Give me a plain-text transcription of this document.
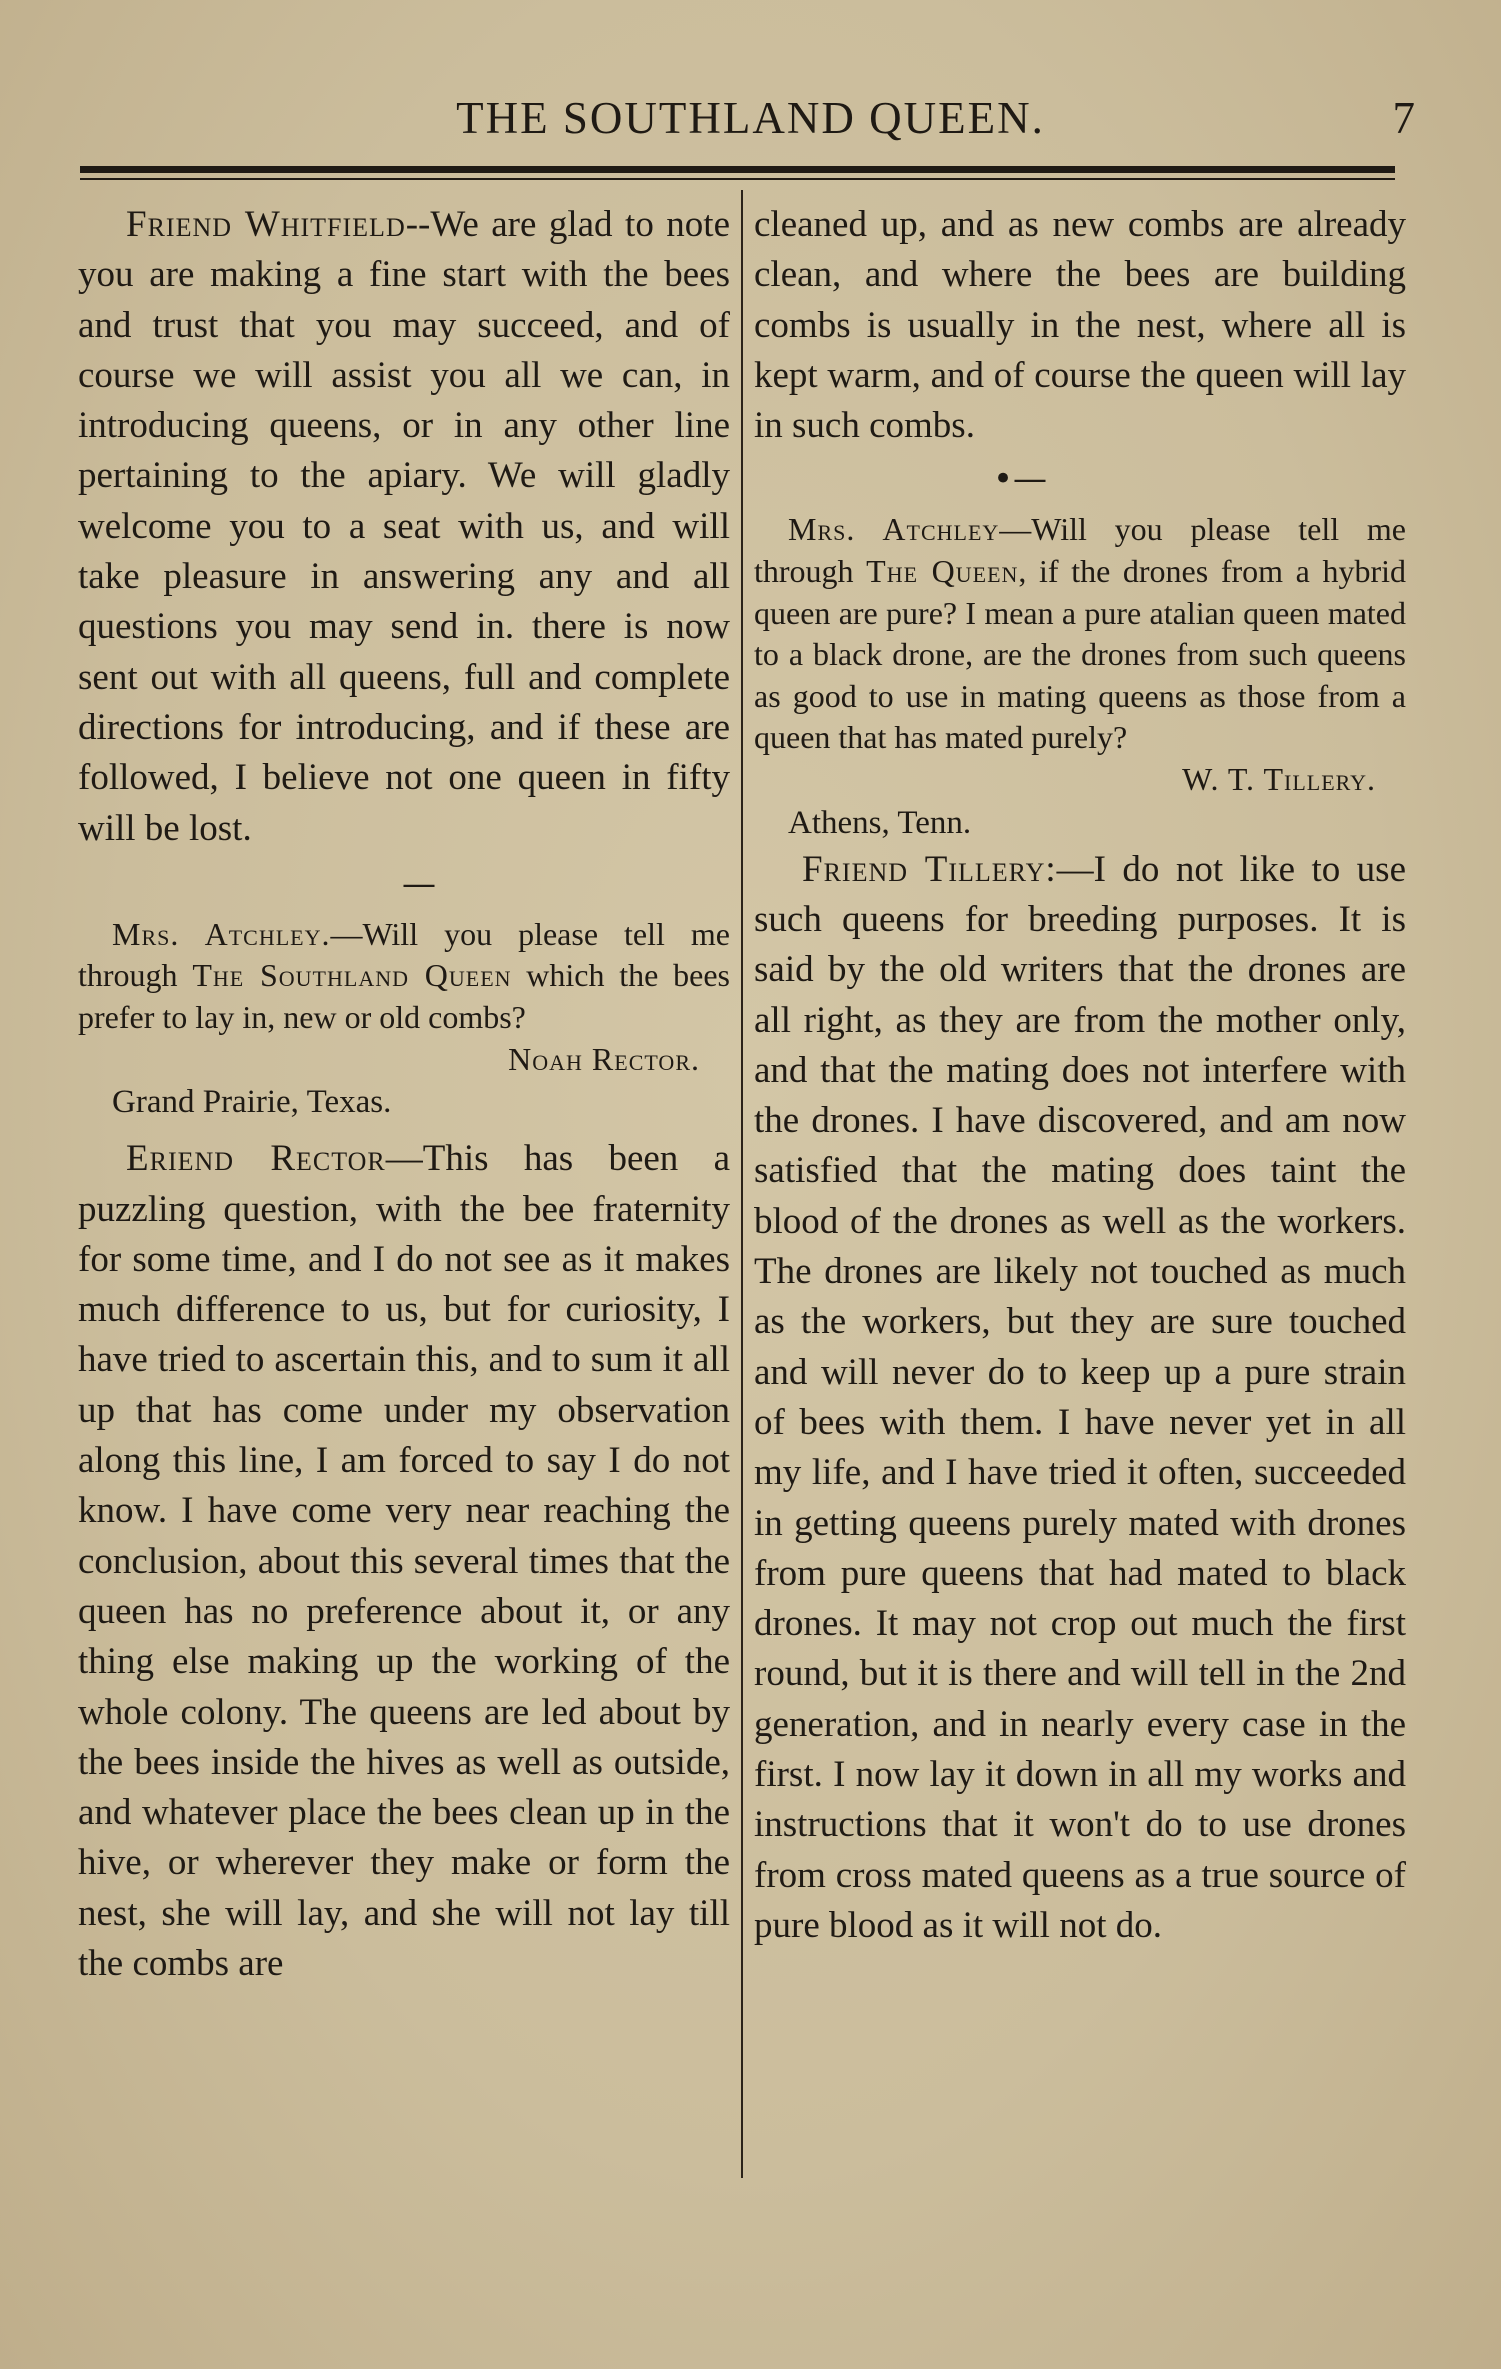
THE SOUTHLAND QUEEN.	7

Friend Whitfield--We are glad to note you are making a fine start with the bees and trust that you may succeed, and of course we will assist you all we can, in introducing queens, or in any other line pertaining to the apiary. We will gladly welcome you to a seat with us, and will take pleasure in answering any and all questions you may send in. there is now sent out with all queens, full and complete directions for introducing, and if these are followed, I believe not one queen in fifty will be lost.

—

Mrs. Atchley.—Will you please tell me through The Southland Queen which the bees prefer to lay in, new or old combs?
Noah Rector.

Grand Prairie, Texas.

Eriend Rector—This has been a puzzling question, with the bee fraternity for some time, and I do not see as it makes much difference to us, but for curiosity, I have tried to ascertain this, and to sum it all up that has come under my observation along this line, I am forced to say I do not know. I have come very near reaching the conclusion, about this several times that the queen has no preference about it, or any thing else making up the working of the whole colony. The queens are led about by the bees inside the hives as well as outside, and whatever place the bees clean up in the hive, or wherever they make or form the nest, she will lay, and she will not lay till the combs are

cleaned up, and as new combs are already clean, and where the bees are building combs is usually in the nest, where all is kept warm, and of course the queen will lay in such combs.

•—

Mrs. Atchley—Will you please tell me through The Queen, if the drones from a hybrid queen are pure? I mean a pure atalian queen mated to a black drone, are the drones from such queens as good to use in mating queens as those from a queen that has mated purely?
W. T. Tillery.

Athens, Tenn.

Friend Tillery:—I do not like to use such queens for breeding purposes. It is said by the old writers that the drones are all right, as they are from the mother only, and that the mating does not interfere with the drones. I have discovered, and am now satisfied that the mating does taint the blood of the drones as well as the workers. The drones are likely not touched as much as the workers, but they are sure touched and will never do to keep up a pure strain of bees with them. I have never yet in all my life, and I have tried it often, succeeded in getting queens purely mated with drones from pure queens that had mated to black drones. It may not crop out much the first round, but it is there and will tell in the 2nd generation, and in nearly every case in the first. I now lay it down in all my works and instructions that it won't do to use drones from cross mated queens as a true source of pure blood as it will not do.
